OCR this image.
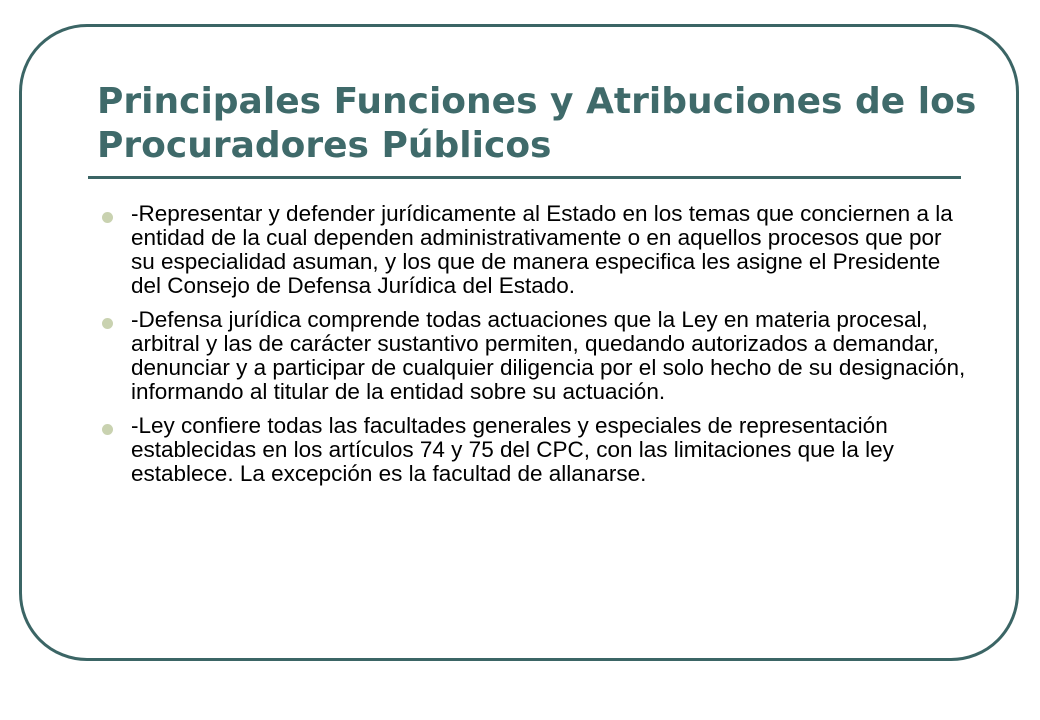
Principales Funciones y Atribuciones de los Procuradores Públicos
-Representar y defender jurídicamente al Estado en los temas que conciernen a la entidad de la cual dependen administrativamente o en aquellos procesos que por su especialidad asuman, y los que de manera especifica les asigne el Presidente del Consejo de Defensa Jurídica del Estado.
-Defensa jurídica comprende todas actuaciones que la Ley en materia procesal, arbitral y las de carácter sustantivo permiten, quedando autorizados a demandar, denunciar y a participar de cualquier diligencia por el solo hecho de su designación, informando al titular de la entidad sobre su actuación.
-Ley confiere todas las facultades generales y especiales de representación establecidas en los artículos 74 y 75 del CPC, con las limitaciones que la ley establece. La excepción es la facultad de allanarse.
